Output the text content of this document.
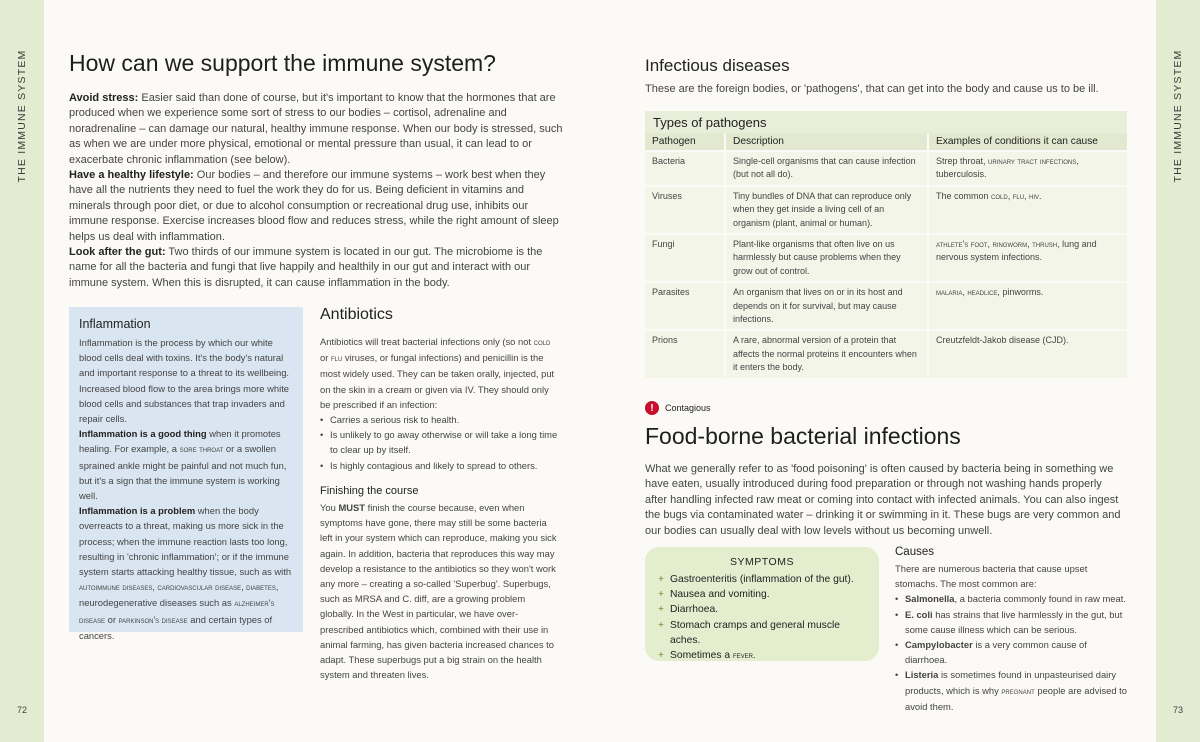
THE IMMUNE SYSTEM
72
THE IMMUNE SYSTEM
73
How can we support the immune system?

Avoid stress: Easier said than done of course, but it's important to know that the hormones that are produced when we experience some sort of stress to our bodies – cortisol, adrenaline and noradrenaline – can damage our natural, healthy immune response. When our body is stressed, such as when we are under more physical, emotional or mental pressure than usual, it can lead to or exacerbate chronic inflammation (see below).

Have a healthy lifestyle: Our bodies – and therefore our immune systems – work best when they have all the nutrients they need to fuel the work they do for us. Being deficient in vitamins and minerals through poor diet, or due to alcohol consumption or recreational drug use, inhibits our immune response. Exercise increases blood flow and reduces stress, while the right amount of sleep helps us deal with inflammation.

Look after the gut: Two thirds of our immune system is located in our gut. The microbiome is the name for all the bacteria and fungi that live happily and healthily in our gut and interact with our immune system. When this is disrupted, it can cause inflammation in the body.

Inflammation

Inflammation is the process by which our white blood cells deal with toxins. It's the body's natural and important response to a threat to its wellbeing. Increased blood flow to the area brings more white blood cells and substances that trap invaders and repair cells.

Inflammation is a good thing when it promotes healing. For example, a sore throat or a swollen sprained ankle might be painful and not much fun, but it's a sign that the immune system is working well.

Inflammation is a problem when the body overreacts to a threat, making us more sick in the process; when the immune reaction lasts too long, resulting in 'chronic inflammation'; or if the immune system starts attacking healthy tissue, such as with autoimmune diseases, cardiovascular disease, diabetes, neurodegenerative diseases such as alzheimer's disease or parkinson's disease and certain types of cancers.

Antibiotics

Antibiotics will treat bacterial infections only (so not cold or flu viruses, or fungal infections) and penicillin is the most widely used. They can be taken orally, injected, put on the skin in a cream or given via IV. They should only be prescribed if an infection:

• Carries a serious risk to health.
• Is unlikely to go away otherwise or will take a long time to clear up by itself.
• Is highly contagious and likely to spread to others.
Finishing the course

You MUST finish the course because, even when symptoms have gone, there may still be some bacteria left in your system which can reproduce, making you sick again. In addition, bacteria that reproduces this way may develop a resistance to the antibiotics so they won't work any more – creating a so-called 'Superbug'. Superbugs, such as MRSA and C. diff, are a growing problem globally. In the West in particular, we have over-prescribed antibiotics which, combined with their use in animal farming, has given bacteria increased chances to adapt. These superbugs put a big strain on the health system and threaten lives.

Infectious diseases
These are the foreign bodies, or 'pathogens', that can get into the body and cause us to be ill.
Types of pathogens
Pathogen	Description	Examples of conditions it can cause
Bacteria	Single-cell organisms that can cause infection (but not all do).	Strep throat, urinary tract infections, tuberculosis.
Viruses	Tiny bundles of DNA that can reproduce only when they get inside a living cell of an organism (plant, animal or human).	The common cold, flu, hiv.
Fungi	Plant-like organisms that often live on us harmlessly but cause problems when they grow out of control.	athlete's foot, ringworm, thrush, lung and nervous system infections.
Parasites	An organism that lives on or in its host and depends on it for survival, but may cause infections.	malaria, headlice, pinworms.
Prions	A rare, abnormal version of a protein that affects the normal proteins it encounters when it enters the body.	Creutzfeldt-Jakob disease (CJD).
!	Contagious
Food-borne bacterial infections
What we generally refer to as 'food poisoning' is often caused by bacteria being in something we have eaten, usually introduced during food preparation or through not washing hands properly after handling infected raw meat or coming into contact with infected animals. You can also ingest the bugs via contaminated water – drinking it or swimming in it. These bugs are very common and our bodies can usually deal with low levels without us becoming unwell.
SYMPTOMS
+ Gastroenteritis (inflammation of the gut).
+ Nausea and vomiting.
+ Diarrhoea.
+ Stomach cramps and general muscle aches.
+ Sometimes a fever.
Causes

There are numerous bacteria that cause upset stomachs. The most common are:

• Salmonella, a bacteria commonly found in raw meat.
• E. coli has strains that live harmlessly in the gut, but some cause illness which can be serious.
• Campylobacter is a very common cause of diarrhoea.
• Listeria is sometimes found in unpasteurised dairy products, which is why pregnant people are advised to avoid them.
